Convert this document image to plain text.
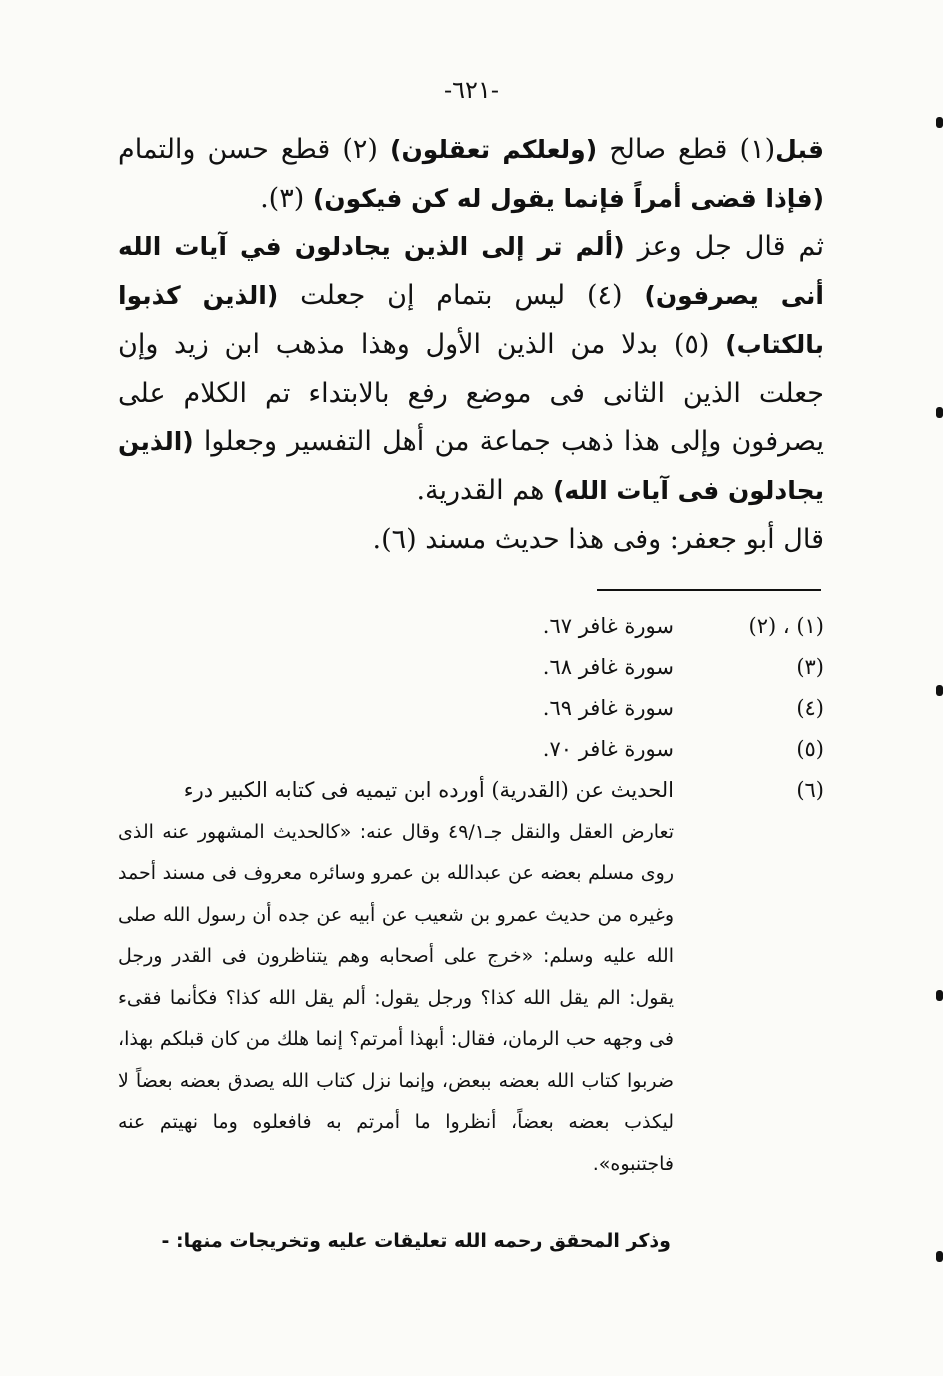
-٦٢١-

قبل(١) قطع صالح (ولعلكم تعقلون) (٢) قطع حسن والتمام (فإذا قضى أمراً فإنما يقول له كن فيكون) (٣).

ثم قال جل وعز (ألم تر إلى الذين يجادلون في آيات الله أنى يصرفون) (٤) ليس بتمام إن جعلت (الذين كذبوا بالكتاب) (٥) بدلا من الذين الأول وهذا مذهب ابن زيد وإن جعلت الذين الثانى فى موضع رفع بالابتداء تم الكلام على يصرفون وإلى هذا ذهب جماعة من أهل التفسير وجعلوا (الذين يجادلون فى آيات الله) هم القدرية.

قال أبو جعفر: وفى هذا حديث مسند (٦).

(١) ، (٢)
سورة غافر ٦٧.
(٣)
سورة غافر ٦٨.
(٤)
سورة غافر ٦٩.
(٥)
سورة غافر ٧٠.
(٦)

الحديث عن (القدرية) أورده ابن تيميه فى كتابه الكبير درء

تعارض العقل والنقل جـ٤٩/١ وقال عنه: «كالحديث المشهور عنه الذى روى مسلم بعضه عن عبدالله بن عمرو وسائره معروف فى مسند أحمد وغيره من حديث عمرو بن شعيب عن أبيه عن جده أن رسول الله صلى الله عليه وسلم: «خرج على أصحابه وهم يتناظرون فى القدر ورجل يقول: الم يقل الله كذا؟ ورجل يقول: ألم يقل الله كذا؟ فكأنما فقىء فى وجهه حب الرمان، فقال: أبهذا أمرتم؟ إنما هلك من كان قبلكم بهذا، ضربوا كتاب الله بعضه ببعض، وإنما نزل كتاب الله يصدق بعضه بعضاً لا ليكذب بعضه بعضاً، أنظروا ما أمرتم به فافعلوه وما نهيتم عنه فاجتنبوه».

وذكر المحقق رحمه الله تعليقات عليه وتخريجات منها: -
